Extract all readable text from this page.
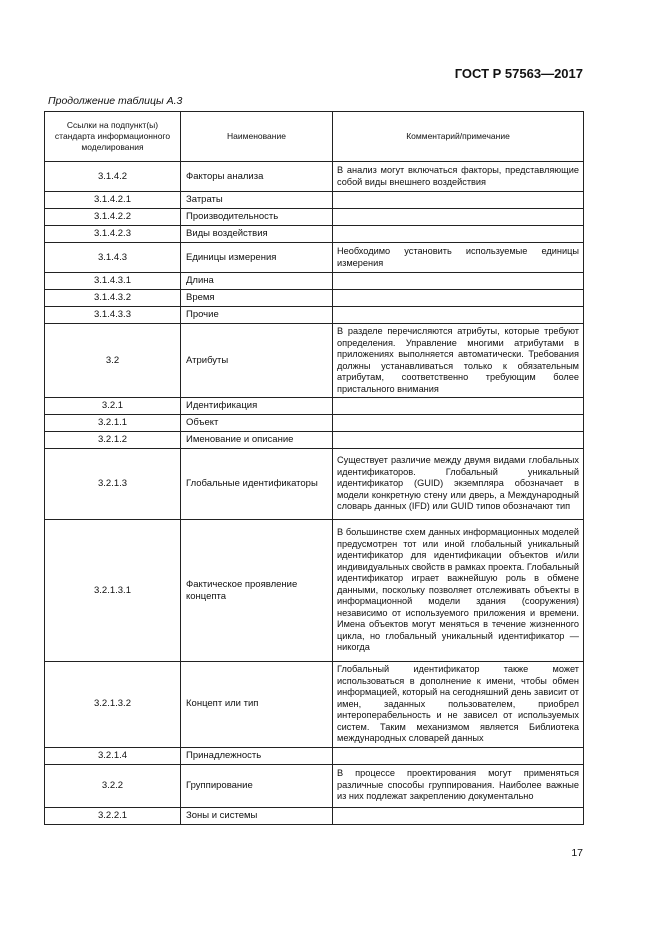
ГОСТ Р 57563—2017
Продолжение таблицы А.3
Ссылки на подпункт(ы) стандарта информационного моделирования	Наименование	Комментарий/примечание
3.1.4.2	Факторы анализа	В анализ могут включаться факторы, представляющие собой виды внешнего воздействия
3.1.4.2.1	Затраты	
3.1.4.2.2	Производительность	
3.1.4.2.3	Виды воздействия	
3.1.4.3	Единицы измерения	Необходимо установить используемые единицы измерения
3.1.4.3.1	Длина	
3.1.4.3.2	Время	
3.1.4.3.3	Прочие	
3.2	Атрибуты	В разделе перечисляются атрибуты, которые требуют определения. Управление многими атрибутами в приложениях выполняется автоматически. Требования должны устанавливаться только к обязательным атрибутам, соответственно требующим более пристального внимания
3.2.1	Идентификация	
3.2.1.1	Объект	
3.2.1.2	Именование и описание	
3.2.1.3	Глобальные идентификаторы	Существует различие между двумя видами глобальных идентификаторов. Глобальный уникальный идентификатор (GUID) экземпляра обозначает в модели конкретную стену или дверь, а Международный словарь данных (IFD) или GUID типов обозначают тип
3.2.1.3.1	Фактическое проявление концепта	В большинстве схем данных информационных моделей предусмотрен тот или иной глобальный уникальный идентификатор для идентификации объектов и/или индивидуальных свойств в рамках проекта. Глобальный идентификатор играет важнейшую роль в обмене данными, поскольку позволяет отслеживать объекты в информационной модели здания (сооружения) независимо от используемого приложения и времени. Имена объектов могут меняться в течение жизненного цикла, но глобальный уникальный идентификатор — никогда
3.2.1.3.2	Концепт или тип	Глобальный идентификатор также может использоваться в дополнение к имени, чтобы обмен информацией, который на сегодняшний день зависит от имен, заданных пользователем, приобрел интероперабельность и не зависел от используемых систем. Таким механизмом является Библиотека международных словарей данных
3.2.1.4	Принадлежность	
3.2.2	Группирование	В процессе проектирования могут применяться различные способы группирования. Наиболее важные из них подлежат закреплению документально
3.2.2.1	Зоны и системы	
17
